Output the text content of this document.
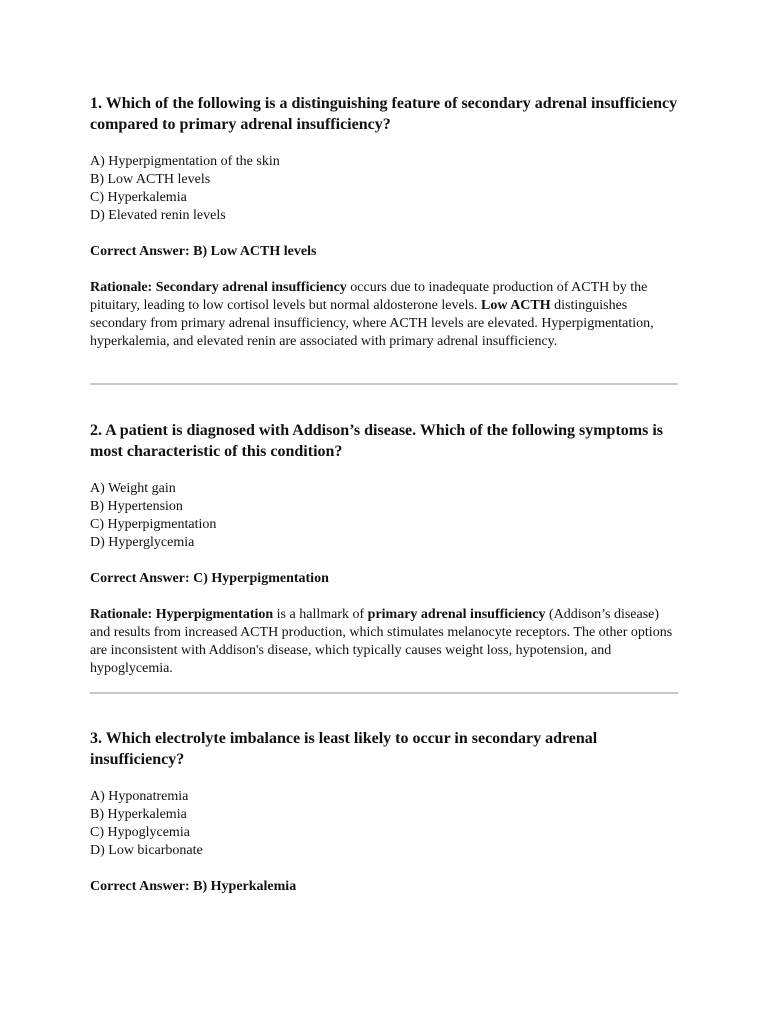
1. Which of the following is a distinguishing feature of secondary adrenal insufficiency compared to primary adrenal insufficiency?

A) Hyperpigmentation of the skin
B) Low ACTH levels
C) Hyperkalemia
D) Elevated renin levels
Correct Answer: B) Low ACTH levels
Rationale: Secondary adrenal insufficiency occurs due to inadequate production of ACTH by the pituitary, leading to low cortisol levels but normal aldosterone levels. Low ACTH distinguishes secondary from primary adrenal insufficiency, where ACTH levels are elevated. Hyperpigmentation, hyperkalemia, and elevated renin are associated with primary adrenal insufficiency.

2. A patient is diagnosed with Addison’s disease. Which of the following symptoms is most characteristic of this condition?

A) Weight gain
B) Hypertension
C) Hyperpigmentation
D) Hyperglycemia
Correct Answer: C) Hyperpigmentation
Rationale: Hyperpigmentation is a hallmark of primary adrenal insufficiency (Addison’s disease) and results from increased ACTH production, which stimulates melanocyte receptors. The other options are inconsistent with Addison's disease, which typically causes weight loss, hypotension, and hypoglycemia.

3. Which electrolyte imbalance is least likely to occur in secondary adrenal insufficiency?

A) Hyponatremia
B) Hyperkalemia
C) Hypoglycemia
D) Low bicarbonate
Correct Answer: B) Hyperkalemia
